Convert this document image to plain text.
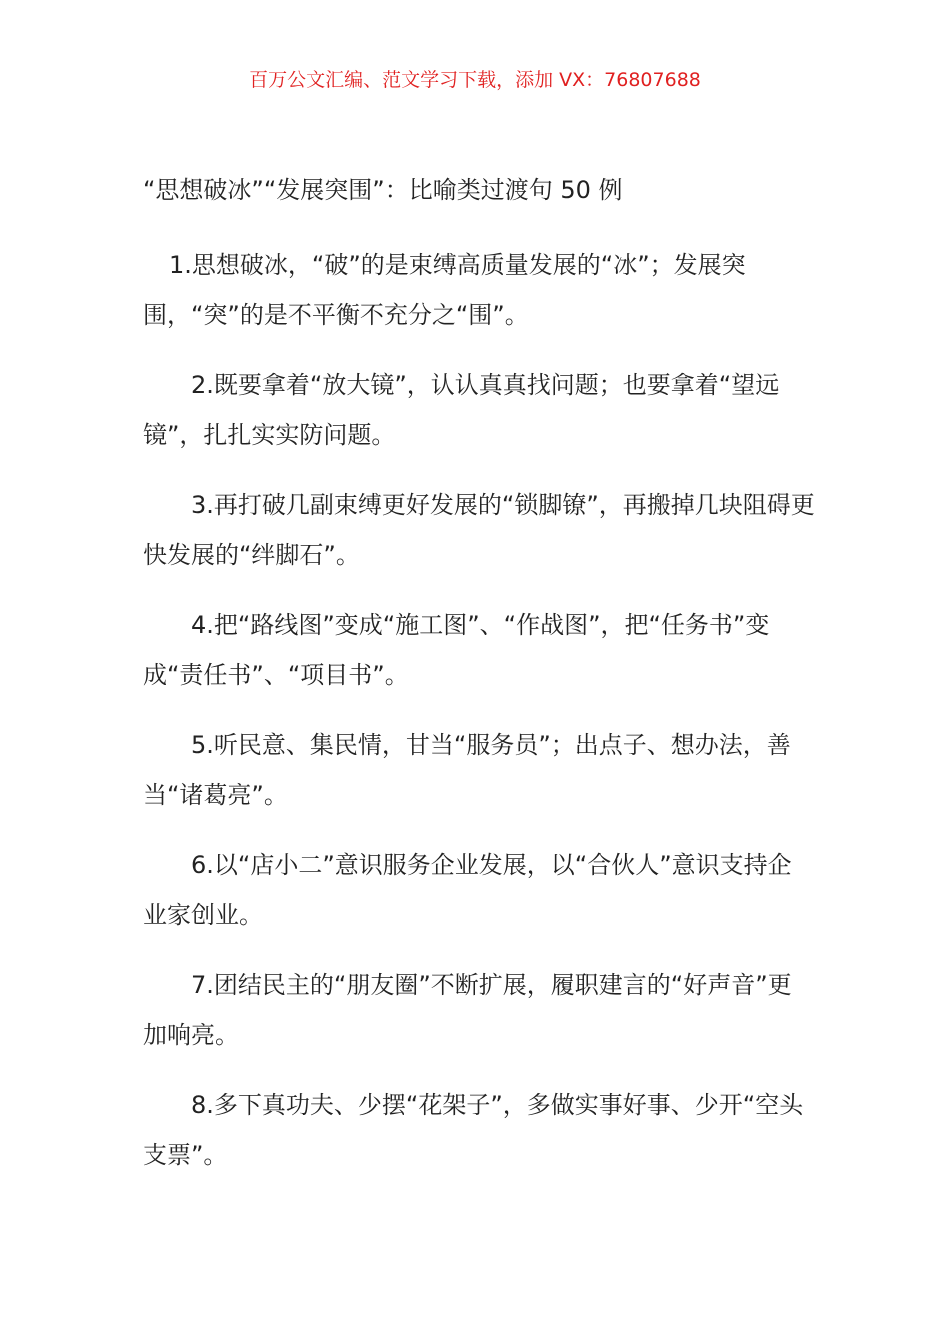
百万公文汇编、范文学习下载，添加 VX：76807688
“思想破冰”“发展突围”：比喻类过渡句 50 例

1.思想破冰，“破”的是束缚高质量发展的“冰”；发展突围，“突”的是不平衡不充分之“围”。

2.既要拿着“放大镜”，认认真真找问题；也要拿着“望远镜”，扎扎实实防问题。

3.再打破几副束缚更好发展的“锁脚镣”，再搬掉几块阻碍更快发展的“绊脚石”。

4.把“路线图”变成“施工图”、“作战图”，把“任务书”变成“责任书”、“项目书”。

5.听民意、集民情，甘当“服务员”；出点子、想办法，善当“诸葛亮”。

6.以“店小二”意识服务企业发展，以“合伙人”意识支持企业家创业。

7.团结民主的“朋友圈”不断扩展，履职建言的“好声音”更加响亮。

8.多下真功夫、少摆“花架子”，多做实事好事、少开“空头支票”。
